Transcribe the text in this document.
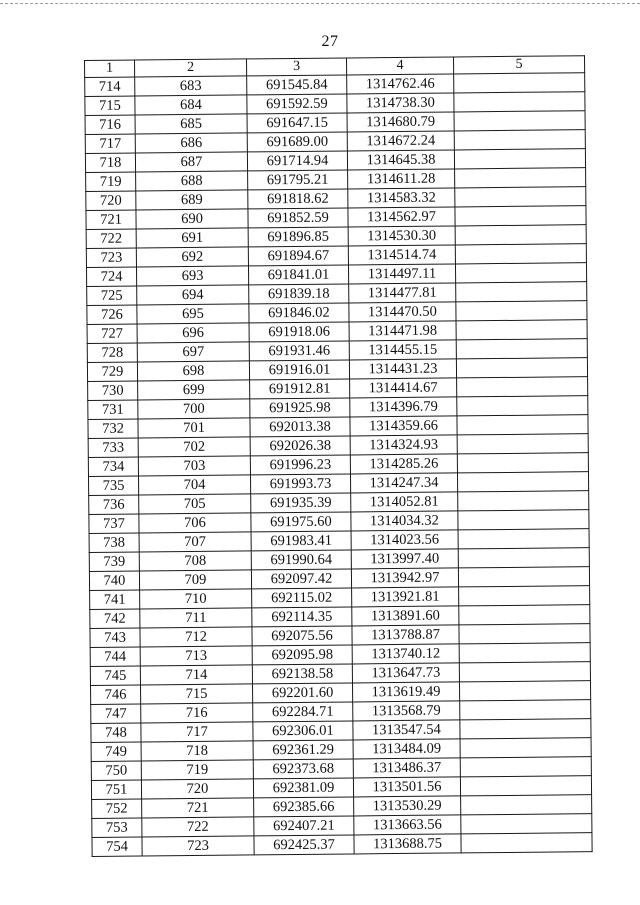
27
1	2	3	4	5
714	683	691545.84	1314762.46	
715	684	691592.59	1314738.30	
716	685	691647.15	1314680.79	
717	686	691689.00	1314672.24	
718	687	691714.94	1314645.38	
719	688	691795.21	1314611.28	
720	689	691818.62	1314583.32	
721	690	691852.59	1314562.97	
722	691	691896.85	1314530.30	
723	692	691894.67	1314514.74	
724	693	691841.01	1314497.11	
725	694	691839.18	1314477.81	
726	695	691846.02	1314470.50	
727	696	691918.06	1314471.98	
728	697	691931.46	1314455.15	
729	698	691916.01	1314431.23	
730	699	691912.81	1314414.67	
731	700	691925.98	1314396.79	
732	701	692013.38	1314359.66	
733	702	692026.38	1314324.93	
734	703	691996.23	1314285.26	
735	704	691993.73	1314247.34	
736	705	691935.39	1314052.81	
737	706	691975.60	1314034.32	
738	707	691983.41	1314023.56	
739	708	691990.64	1313997.40	
740	709	692097.42	1313942.97	
741	710	692115.02	1313921.81	
742	711	692114.35	1313891.60	
743	712	692075.56	1313788.87	
744	713	692095.98	1313740.12	
745	714	692138.58	1313647.73	
746	715	692201.60	1313619.49	
747	716	692284.71	1313568.79	
748	717	692306.01	1313547.54	
749	718	692361.29	1313484.09	
750	719	692373.68	1313486.37	
751	720	692381.09	1313501.56	
752	721	692385.66	1313530.29	
753	722	692407.21	1313663.56	
754	723	692425.37	1313688.75	
